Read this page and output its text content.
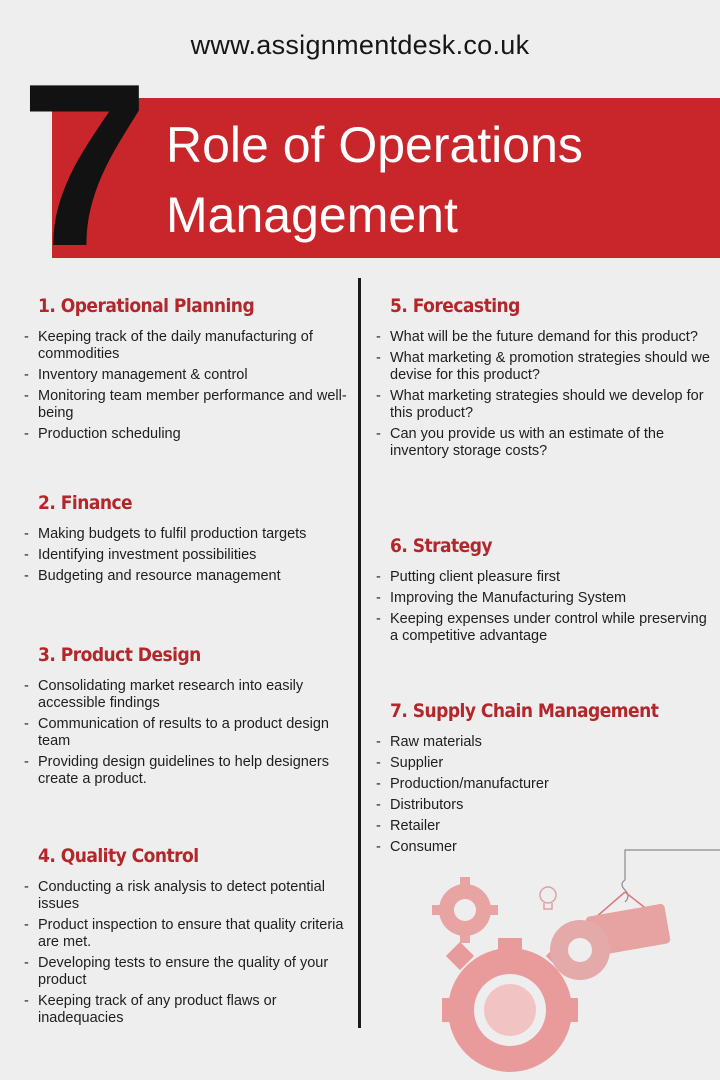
www.assignmentdesk.co.uk
7 Role of Operations
Management
1. Operational Planning
- Keeping track of the daily manufacturing of commodities
- Inventory management & control
- Monitoring team member performance and well-being
- Production scheduling
2. Finance
- Making budgets to fulfil production targets
- Identifying investment possibilities
- Budgeting and resource management
3. Product Design
- Consolidating market research into easily accessible findings
- Communication of results to a product design team
- Providing design guidelines to help designers create a product.
4. Quality Control
- Conducting a risk analysis to detect potential issues
- Product inspection to ensure that quality criteria are met.
- Developing tests to ensure the quality of your product
- Keeping track of any product flaws or inadequacies
5. Forecasting
- What will be the future demand for this product?
- What marketing & promotion strategies should we devise for this product?
- What marketing strategies should we develop for this product?
- Can you provide us with an estimate of the inventory storage costs?
6. Strategy
- Putting client pleasure first
- Improving the Manufacturing System
- Keeping expenses under control while preserving a competitive advantage
7. Supply Chain Management
- Raw materials
- Supplier
- Production/manufacturer
- Distributors
- Retailer
- Consumer
